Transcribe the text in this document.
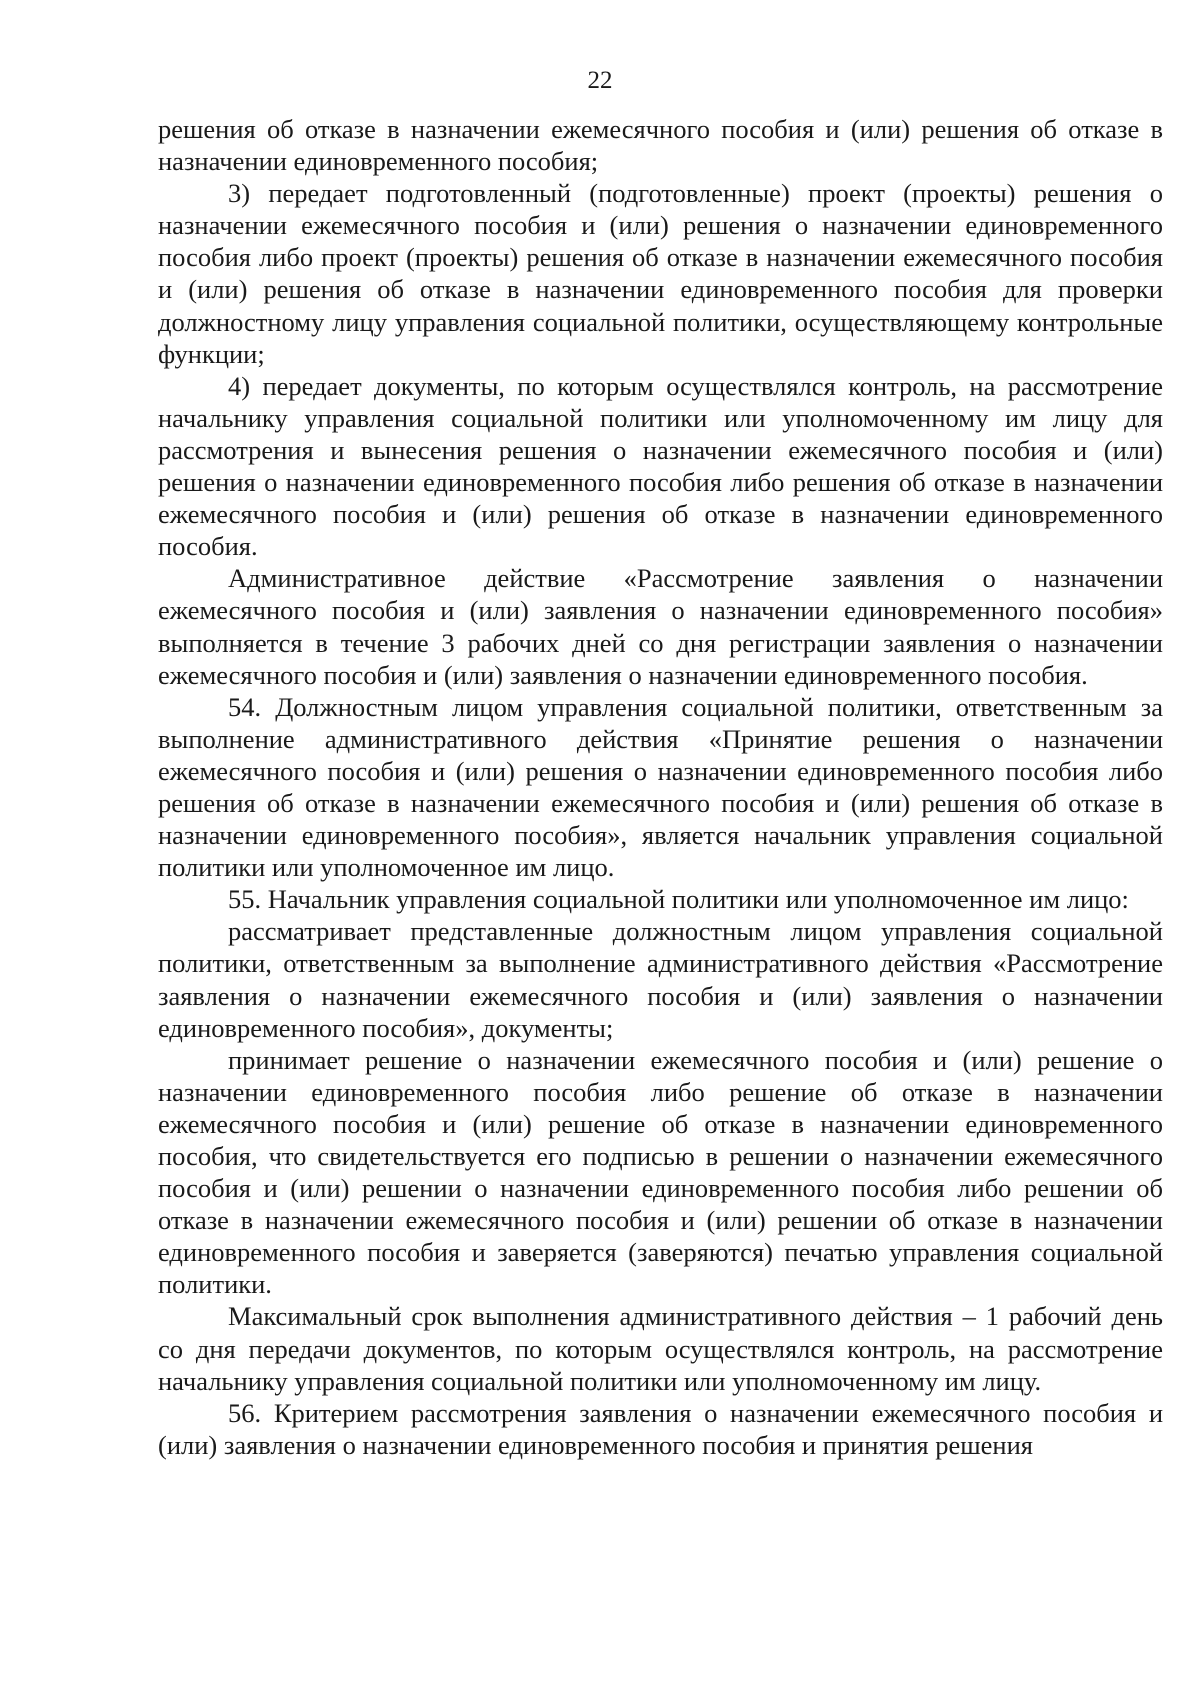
22

решения об отказе в назначении ежемесячного пособия и (или) решения об отказе в назначении единовременного пособия;

3) передает подготовленный (подготовленные) проект (проекты) решения о назначении ежемесячного пособия и (или) решения о назначении единовременного пособия либо проект (проекты) решения об отказе в назначении ежемесячного пособия и (или) решения об отказе в назначении единовременного пособия для проверки должностному лицу управления социальной политики, осуществляющему контрольные функции;

4) передает документы, по которым осуществлялся контроль, на рассмотрение начальнику управления социальной политики или уполномоченному им лицу для рассмотрения и вынесения решения о назначении ежемесячного пособия и (или) решения о назначении единовременного пособия либо решения об отказе в назначении ежемесячного пособия и (или) решения об отказе в назначении единовременного пособия.

Административное действие «Рассмотрение заявления о назначении ежемесячного пособия и (или) заявления о назначении единовременного пособия» выполняется в течение 3 рабочих дней со дня регистрации заявления о назначении ежемесячного пособия и (или) заявления о назначении единовременного пособия.

54. Должностным лицом управления социальной политики, ответственным за выполнение административного действия «Принятие решения о назначении ежемесячного пособия и (или) решения о назначении единовременного пособия либо решения об отказе в назначении ежемесячного пособия и (или) решения об отказе в назначении единовременного пособия», является начальник управления социальной политики или уполномоченное им лицо.

55. Начальник управления социальной политики или уполномоченное им лицо:

рассматривает представленные должностным лицом управления социальной политики, ответственным за выполнение административного действия «Рассмотрение заявления о назначении ежемесячного пособия и (или) заявления о назначении единовременного пособия», документы;

принимает решение о назначении ежемесячного пособия и (или) решение о назначении единовременного пособия либо решение об отказе в назначении ежемесячного пособия и (или) решение об отказе в назначении единовременного пособия, что свидетельствуется его подписью в решении о назначении ежемесячного пособия и (или) решении о назначении единовременного пособия либо решении об отказе в назначении ежемесячного пособия и (или) решении об отказе в назначении единовременного пособия и заверяется (заверяются) печатью управления социальной политики.

Максимальный срок выполнения административного действия – 1 рабочий день со дня передачи документов, по которым осуществлялся контроль, на рассмотрение начальнику управления социальной политики или уполномоченному им лицу.

56. Критерием рассмотрения заявления о назначении ежемесячного пособия и (или) заявления о назначении единовременного пособия и принятия решения
